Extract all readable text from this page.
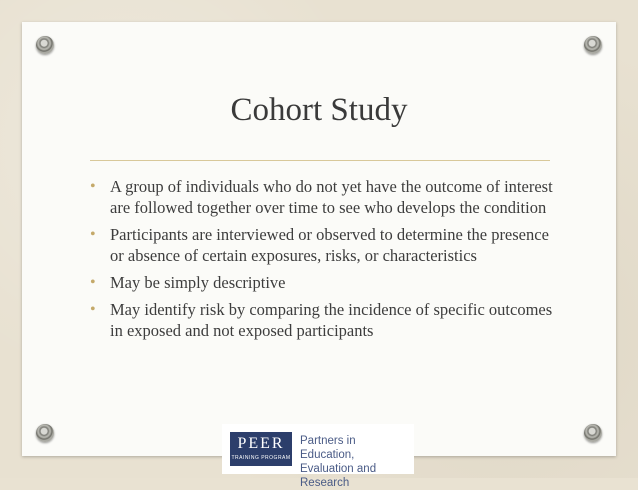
Cohort Study
• A group of individuals who do not yet have the outcome of interest are followed together over time to see who develops the condition
• Participants are interviewed or observed to determine the presence or absence of certain exposures, risks, or characteristics
• May be simply descriptive
• May identify risk by comparing the incidence of specific outcomes in exposed and not exposed participants
PEER
TRAINING PROGRAM
Partners in Education,
Evaluation and Research
